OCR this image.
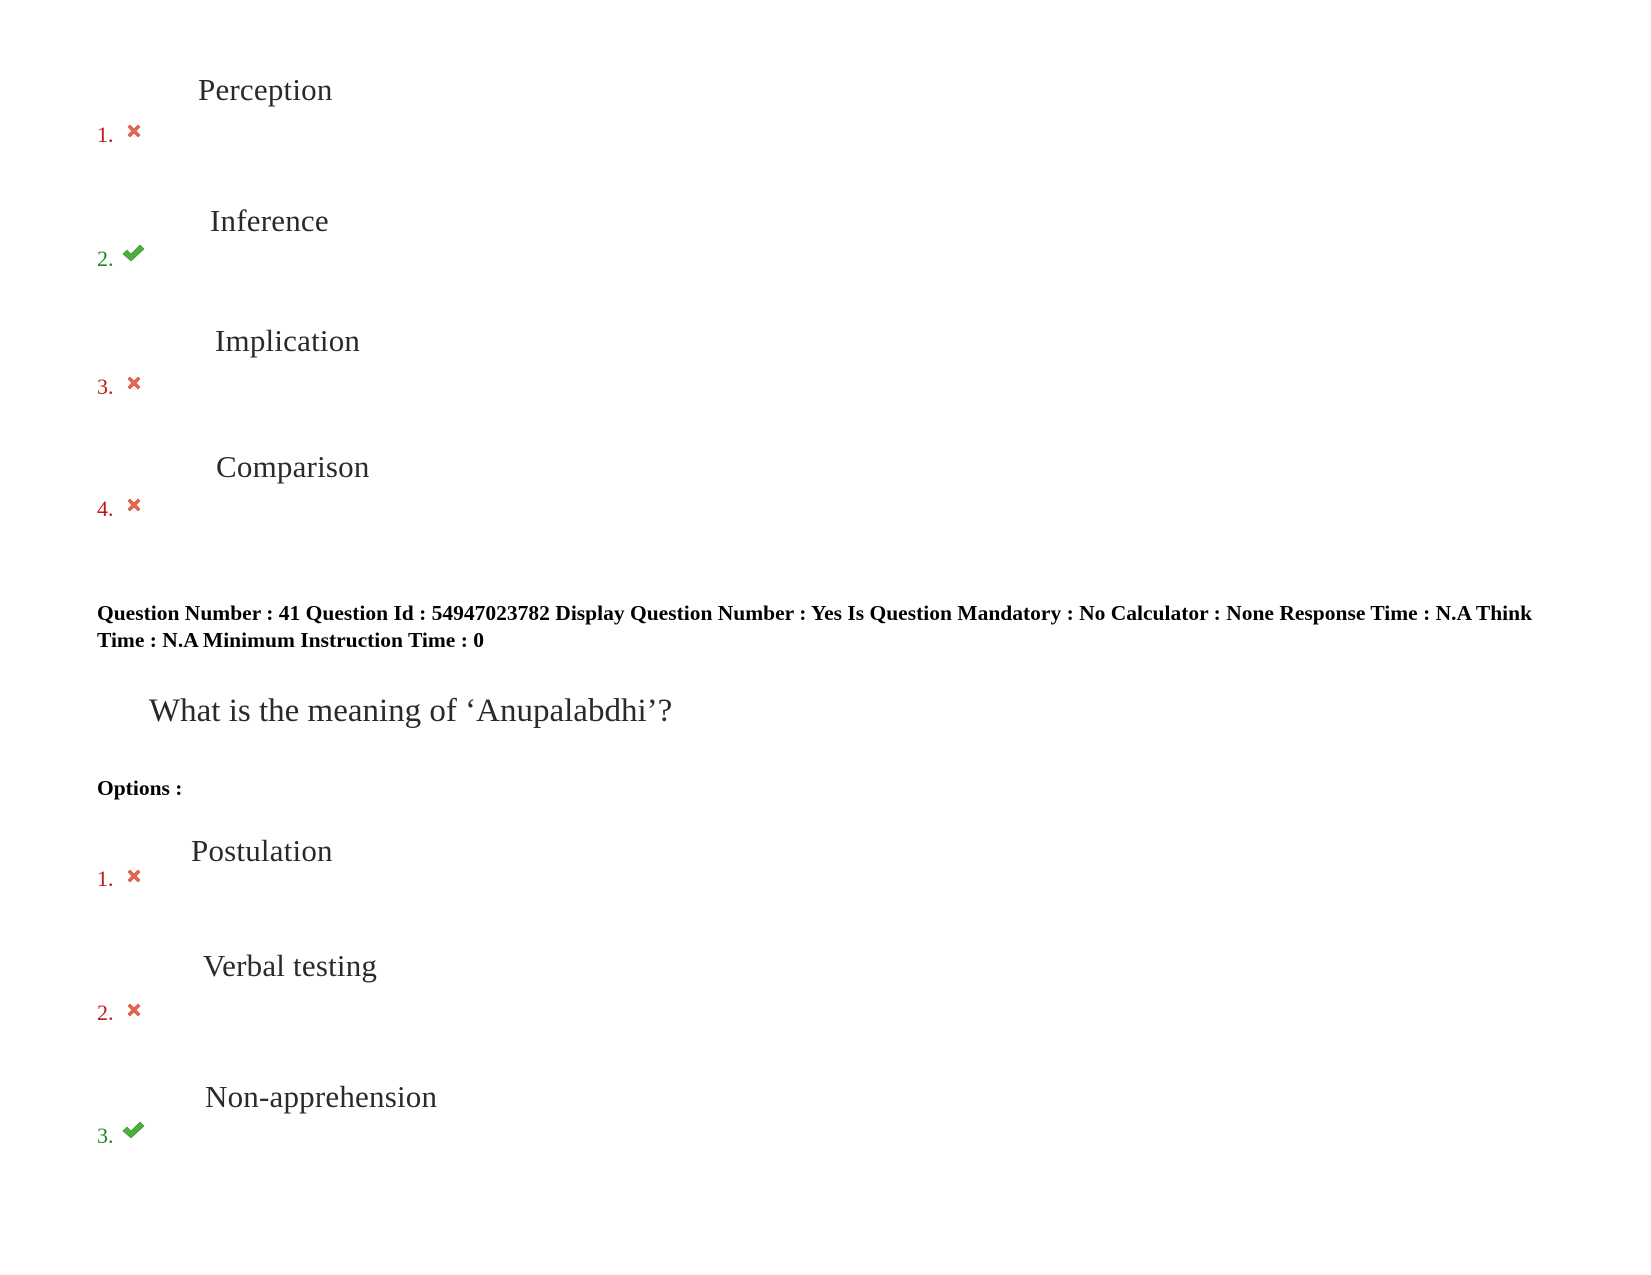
Perception
1.
Inference
2.
Implication
3.
Comparison
4.
Question Number : 41 Question Id : 54947023782 Display Question Number : Yes Is Question Mandatory : No Calculator : None Response Time : N.A Think Time : N.A Minimum Instruction Time : 0
What is the meaning of ‘Anupalabdhi’?
Options :
Postulation
1.
Verbal testing
2.
Non-apprehension
3.
